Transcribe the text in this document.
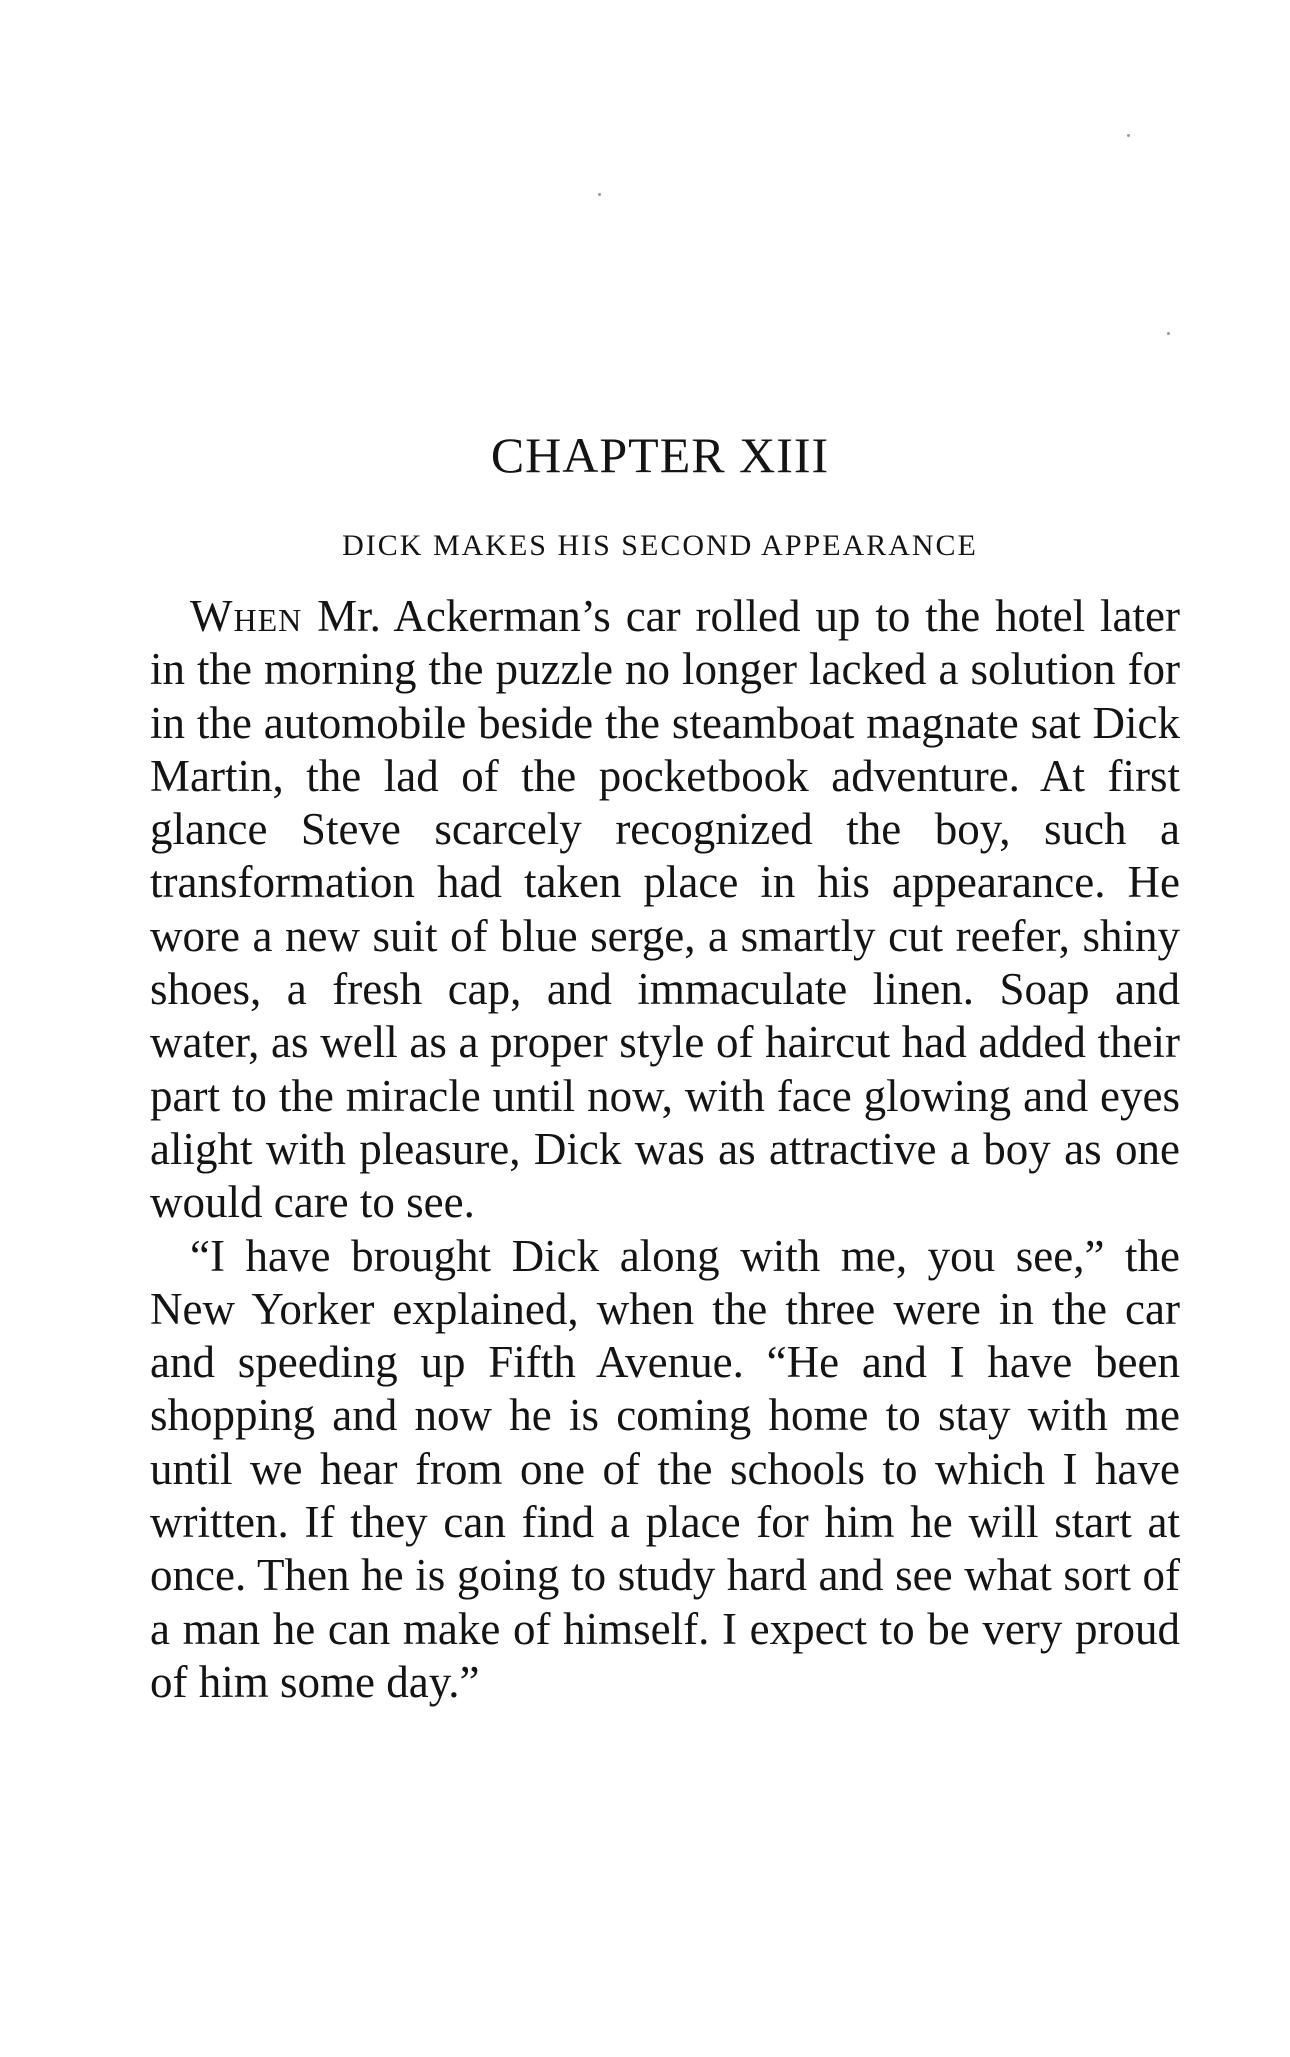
CHAPTER XIII
DICK MAKES HIS SECOND APPEARANCE

When Mr. Ackerman’s car rolled up to the hotel later in the morning the puzzle no longer lacked a solution for in the automobile beside the steamboat magnate sat Dick Martin, the lad of the pocketbook adventure. At first glance Steve scarcely recognized the boy, such a transformation had taken place in his appearance. He wore a new suit of blue serge, a smartly cut reefer, shiny shoes, a fresh cap, and immaculate linen. Soap and water, as well as a proper style of haircut had added their part to the miracle until now, with face glowing and eyes alight with pleasure, Dick was as attractive a boy as one would care to see.

“I have brought Dick along with me, you see,” the New Yorker explained, when the three were in the car and speeding up Fifth Avenue. “He and I have been shopping and now he is coming home to stay with me until we hear from one of the schools to which I have written. If they can find a place for him he will start at once. Then he is going to study hard and see what sort of a man he can make of himself. I expect to be very proud of him some day.”
